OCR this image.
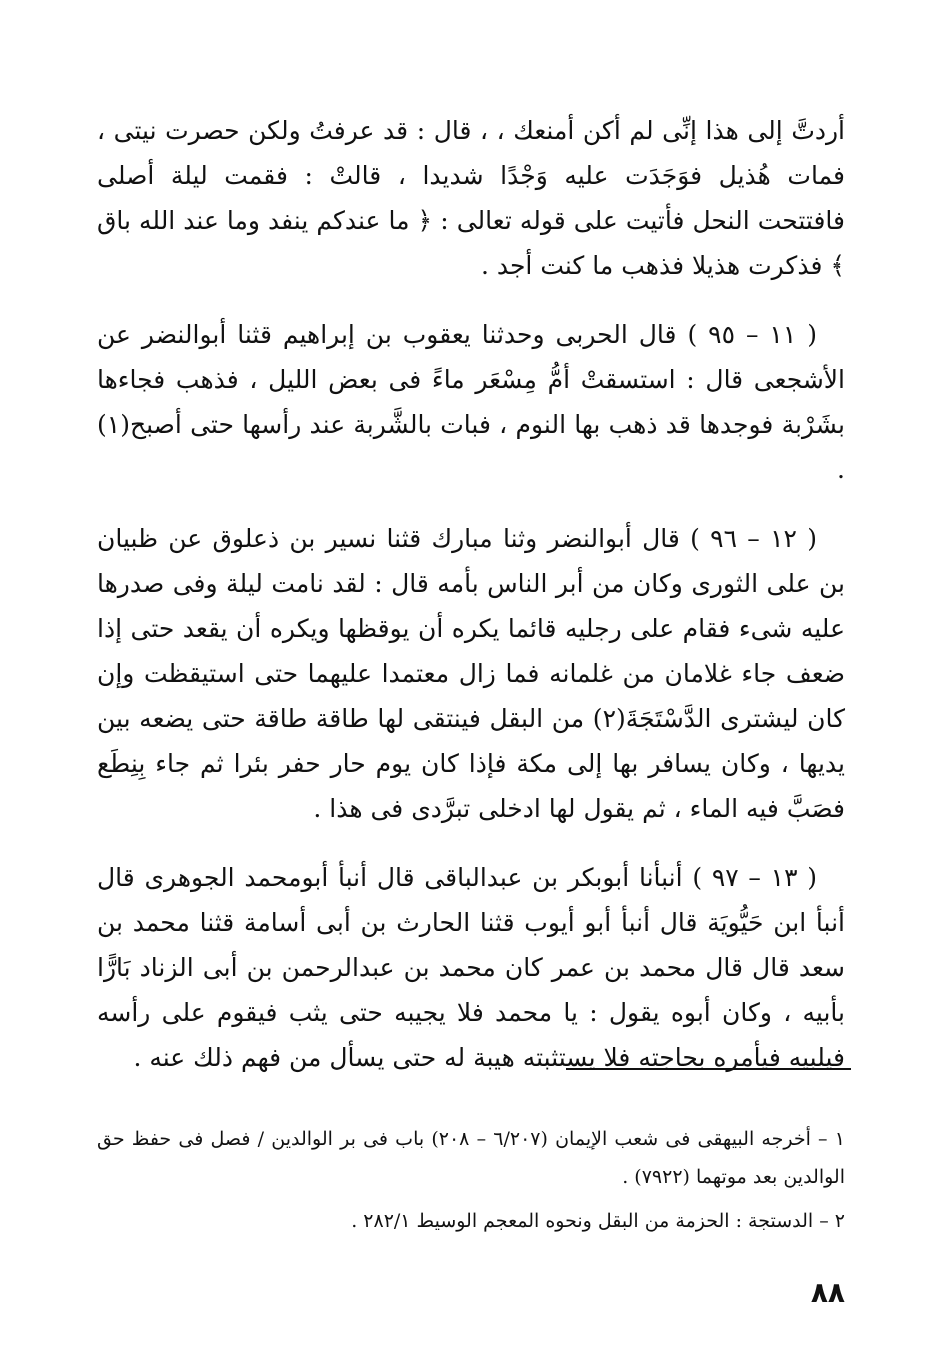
أردتَّ إلى هذا إنِّى لم أكن أمنعك ، ، قال : قد عرفتُ ولكن حصرت نيتى ، فمات هُذيل فوَجَدَت عليه وَجْدًا شديدا ، قالتْ : فقمت ليلة أصلى فافتتحت النحل فأتيت على قوله تعالى : ﴿ ما عندكم ينفد وما عند الله باق ﴾ فذكرت هذيلا فذهب ما كنت أجد .

( ١١ – ٩٥ ) قال الحربى وحدثنا يعقوب بن إبراهيم قثنا أبوالنضر عن الأشجعى قال : استسقتْ أمُّ مِسْعَر ماءً فى بعض الليل ، فذهب فجاءها بشَرْبة فوجدها قد ذهب بها النوم ، فبات بالشَّربة عند رأسها حتى أصبح(١) .

( ١٢ – ٩٦ ) قال أبوالنضر وثنا مبارك قثنا نسير بن ذعلوق عن ظبيان بن على الثورى وكان من أبر الناس بأمه قال : لقد نامت ليلة وفى صدرها عليه شىء فقام على رجليه قائما يكره أن يوقظها ويكره أن يقعد حتى إذا ضعف جاء غلامان من غلمانه فما زال معتمدا عليهما حتى استيقظت وإن كان ليشترى الدَّسْتَجَةَ(٢) من البقل فينتقى لها طاقة طاقة حتى يضعه بين يديها ، وكان يسافر بها إلى مكة فإذا كان يوم حار حفر بئرا ثم جاء بِنِطَع فصَبَّ فيه الماء ، ثم يقول لها ادخلى تبرَّدى فى هذا .

( ١٣ – ٩٧ ) أنبأنا أبوبكر بن عبدالباقى قال أنبأ أبومحمد الجوهرى قال أنبأ ابن حَيُّويَة قال أنبأ أبو أيوب قثنا الحارث بن أبى أسامة قثنا محمد بن سعد قال قال محمد بن عمر كان محمد بن عبدالرحمن بن أبى الزناد بَارًّا بأبيه ، وكان أبوه يقول : يا محمد فلا يجيبه حتى يثب فيقوم على رأسه فيلبيه فيأمره بحاجته فلا يستثبته هيبة له حتى يسأل من فهم ذلك عنه .

١ – أخرجه البيهقى فى شعب الإيمان (٦/٢٠٧ – ٢٠٨) باب فى بر الوالدين / فصل فى حفظ حق الوالدين بعد موتهما (٧٩٢٢) .

٢ – الدستجة : الحزمة من البقل ونحوه المعجم الوسيط ٢٨٢/١ .

٨٨
